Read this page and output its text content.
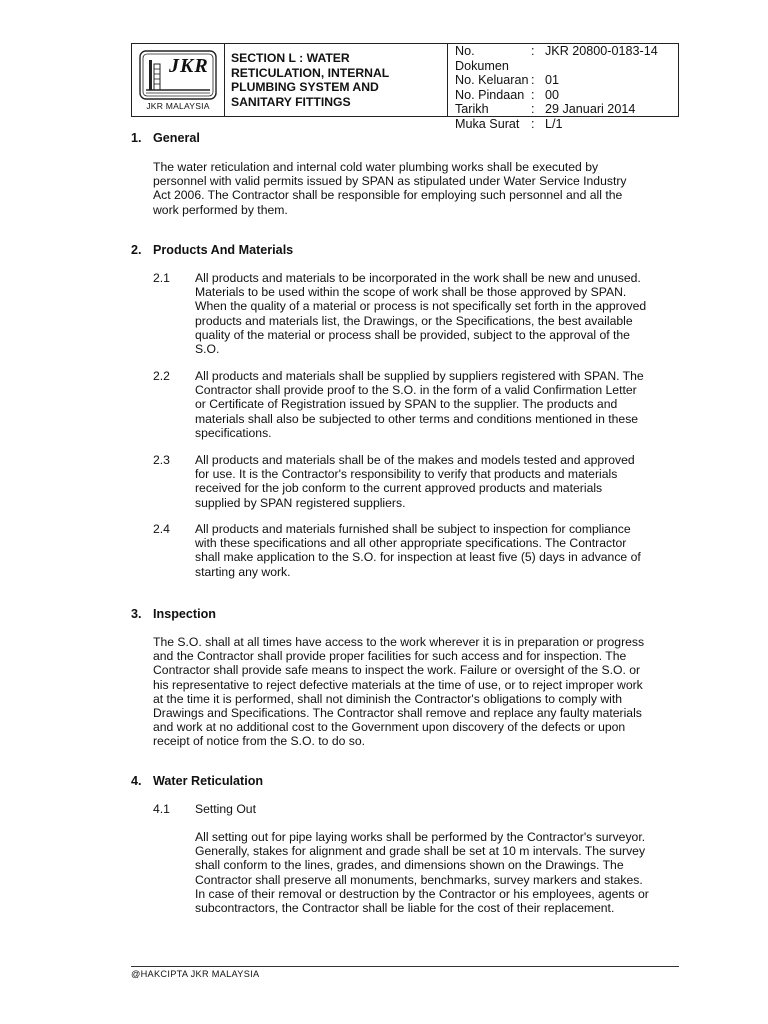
JKR
JKR MALAYSIA
SECTION L : WATER
RETICULATION, INTERNAL
PLUMBING SYSTEM AND
SANITARY FITTINGS
No. Dokumen
: JKR 20800-0183-14
No. Keluaran : 01
No. Pindaan : 00
Tarikh	: 29 Januari 2014
Muka Surat : L/1
1. General
The water reticulation and internal cold water plumbing works shall be executed by
personnel with valid permits issued by SPAN as stipulated under Water Service Industry
Act 2006. The Contractor shall be responsible for employing such personnel and all the
work performed by them.
2. Products And Materials
2.1 All products and materials to be incorporated in the work shall be new and unused.
Materials to be used within the scope of work shall be those approved by SPAN.
When the quality of a material or process is not specifically set forth in the approved
products and materials list, the Drawings, or the Specifications, the best available
quality of the material or process shall be provided, subject to the approval of the
S.O.
2.2 All products and materials shall be supplied by suppliers registered with SPAN. The
Contractor shall provide proof to the S.O. in the form of a valid Confirmation Letter
or Certificate of Registration issued by SPAN to the supplier. The products and
materials shall also be subjected to other terms and conditions mentioned in these
specifications.
2.3 All products and materials shall be of the makes and models tested and approved
for use. It is the Contractor's responsibility to verify that products and materials
received for the job conform to the current approved products and materials
supplied by SPAN registered suppliers.
2.4 All products and materials furnished shall be subject to inspection for compliance
with these specifications and all other appropriate specifications. The Contractor
shall make application to the S.O. for inspection at least five (5) days in advance of
starting any work.
3. Inspection
The S.O. shall at all times have access to the work wherever it is in preparation or progress
and the Contractor shall provide proper facilities for such access and for inspection. The
Contractor shall provide safe means to inspect the work. Failure or oversight of the S.O. or
his representative to reject defective materials at the time of use, or to reject improper work
at the time it is performed, shall not diminish the Contractor's obligations to comply with
Drawings and Specifications. The Contractor shall remove and replace any faulty materials
and work at no additional cost to the Government upon discovery of the defects or upon
receipt of notice from the S.O. to do so.
4. Water Reticulation
4.1 Setting Out
All setting out for pipe laying works shall be performed by the Contractor's surveyor.
Generally, stakes for alignment and grade shall be set at 10 m intervals. The survey
shall conform to the lines, grades, and dimensions shown on the Drawings. The
Contractor shall preserve all monuments, benchmarks, survey markers and stakes.
In case of their removal or destruction by the Contractor or his employees, agents or
subcontractors, the Contractor shall be liable for the cost of their replacement.
@HAKCIPTA JKR MALAYSIA
